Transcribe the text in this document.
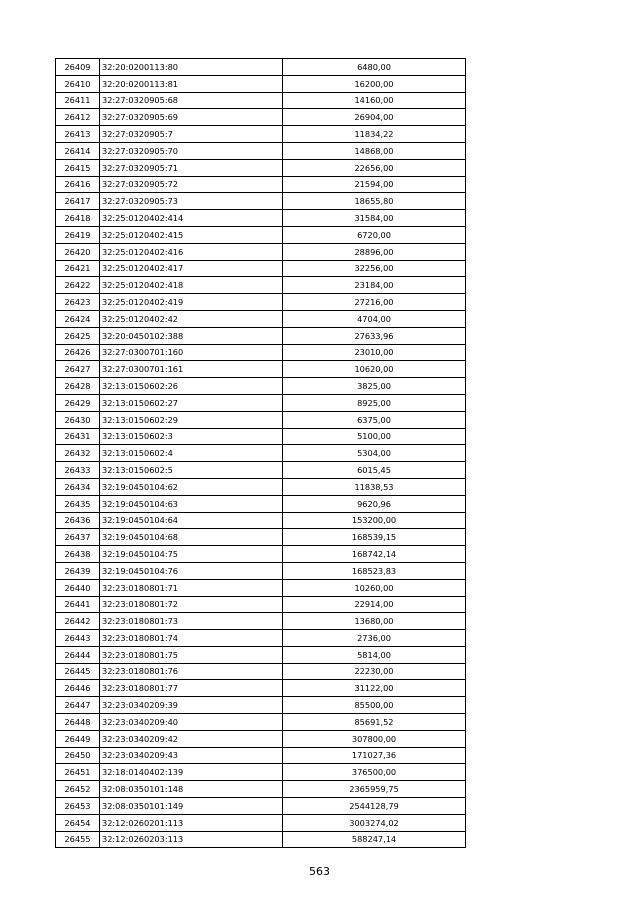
26409	32:20:0200113:80	6480,00
26410	32:20:0200113:81	16200,00
26411	32:27:0320905:68	14160,00
26412	32:27:0320905:69	26904,00
26413	32:27:0320905:7	11834,22
26414	32:27:0320905:70	14868,00
26415	32:27:0320905:71	22656,00
26416	32:27:0320905:72	21594,00
26417	32:27:0320905:73	18655,80
26418	32:25:0120402:414	31584,00
26419	32:25:0120402:415	6720,00
26420	32:25:0120402:416	28896,00
26421	32:25:0120402:417	32256,00
26422	32:25:0120402:418	23184,00
26423	32:25:0120402:419	27216,00
26424	32:25:0120402:42	4704,00
26425	32:20:0450102:388	27633,96
26426	32:27:0300701:160	23010,00
26427	32:27:0300701:161	10620,00
26428	32:13:0150602:26	3825,00
26429	32:13:0150602:27	8925,00
26430	32:13:0150602:29	6375,00
26431	32:13:0150602:3	5100,00
26432	32:13:0150602:4	5304,00
26433	32:13:0150602:5	6015,45
26434	32:19:0450104:62	11838,53
26435	32:19:0450104:63	9620,96
26436	32:19:0450104:64	153200,00
26437	32:19:0450104:68	168539,15
26438	32:19:0450104:75	168742,14
26439	32:19:0450104:76	168523,83
26440	32:23:0180801:71	10260,00
26441	32:23:0180801:72	22914,00
26442	32:23:0180801:73	13680,00
26443	32:23:0180801:74	2736,00
26444	32:23:0180801:75	5814,00
26445	32:23:0180801:76	22230,00
26446	32:23:0180801:77	31122,00
26447	32:23:0340209:39	85500,00
26448	32:23:0340209:40	85691,52
26449	32:23:0340209:42	307800,00
26450	32:23:0340209:43	171027,36
26451	32:18:0140402:139	376500,00
26452	32:08:0350101:148	2365959,75
26453	32:08:0350101:149	2544128,79
26454	32:12:0260201:113	3003274,02
26455	32:12:0260203:113	588247,14
563
